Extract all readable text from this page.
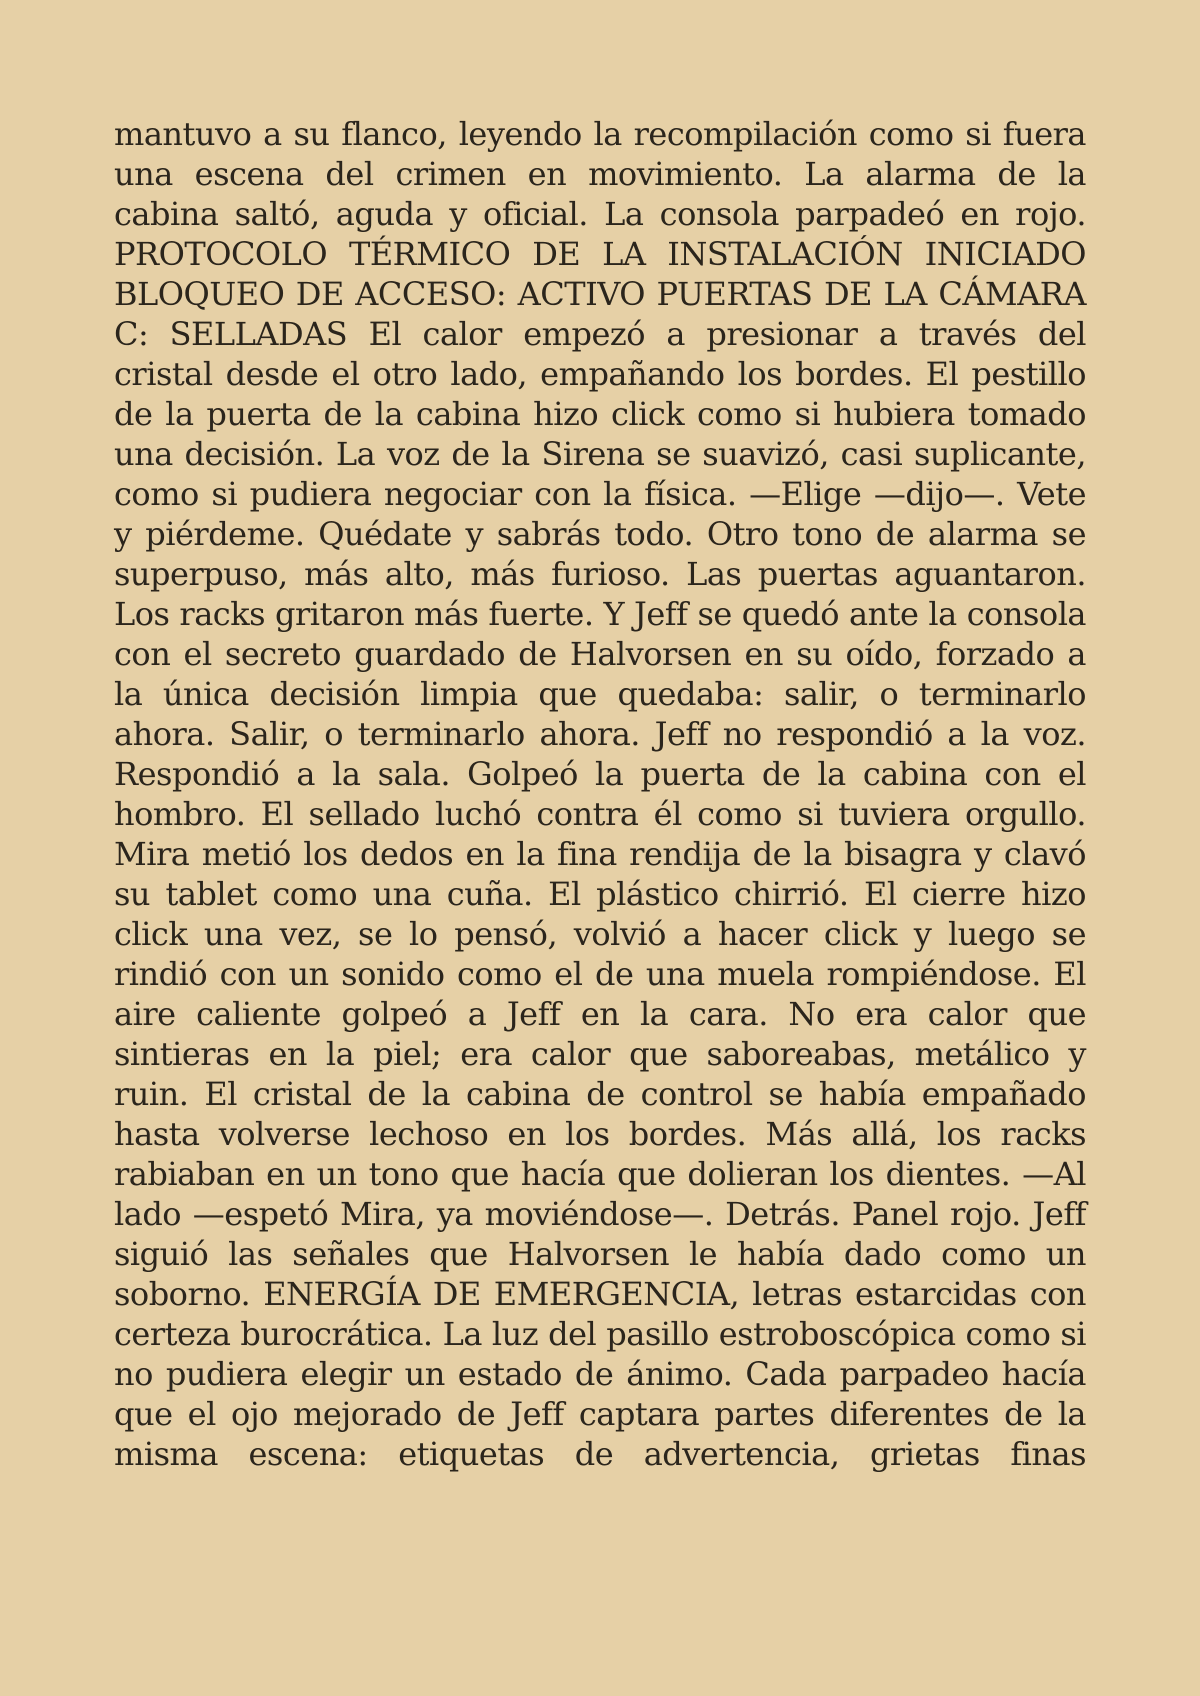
mantuvo a su flanco, leyendo la recompilación como si fuera una escena del crimen en movimiento. La alarma de la cabina saltó, aguda y oficial. La consola parpadeó en rojo. PROTOCOLO TÉRMICO DE LA INSTALACIÓN INICIADO BLOQUEO DE ACCESO: ACTIVO PUERTAS DE LA CÁMARA C: SELLADAS El calor empezó a presionar a través del cristal desde el otro lado, empañando los bordes. El pestillo de la puerta de la cabina hizo click como si hubiera tomado una decisión. La voz de la Sirena se suavizó, casi suplicante, como si pudiera negociar con la física. —Elige —dijo—. Vete y piérdeme. Quédate y sabrás todo. Otro tono de alarma se superpuso, más alto, más furioso. Las puertas aguantaron. Los racks gritaron más fuerte. Y Jeff se quedó ante la consola con el secreto guardado de Halvorsen en su oído, forzado a la única decisión limpia que quedaba: salir, o terminarlo ahora. Salir, o terminarlo ahora. Jeff no respondió a la voz. Respondió a la sala. Golpeó la puerta de la cabina con el hombro. El sellado luchó contra él como si tuviera orgullo. Mira metió los dedos en la fina rendija de la bisagra y clavó su tablet como una cuña. El plástico chirrió. El cierre hizo click una vez, se lo pensó, volvió a hacer click y luego se rindió con un sonido como el de una muela rompiéndose. El aire caliente golpeó a Jeff en la cara. No era calor que sintieras en la piel; era calor que saboreabas, metálico y ruin. El cristal de la cabina de control se había empañado hasta volverse lechoso en los bordes. Más allá, los racks rabiaban en un tono que hacía que dolieran los dientes. —Al lado —espetó Mira, ya moviéndose—. Detrás. Panel rojo. Jeff siguió las señales que Halvorsen le había dado como un soborno. ENERGÍA DE EMERGENCIA, letras estarcidas con certeza burocrática. La luz del pasillo estroboscópica como si no pudiera elegir un estado de ánimo. Cada parpadeo hacía que el ojo mejorado de Jeff captara partes diferentes de la misma escena: etiquetas de advertencia, grietas finas
